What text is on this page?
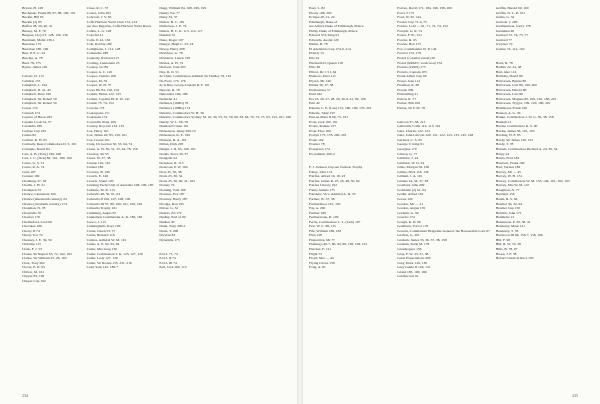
Bryant, H. 128
Buchanan, Frank 86, 97, 98, 100, 101
Buckle, Bill 65
Buckle (2) 85
Buffon 28, 29, 40, 41
Bussey, M. F. 76
Burgess, Lloyd T. 128, 129, 130
Burnham, Malin 130-1
Burrabee 175
Burrabee 180, 190
Burt, P. E. C. 24
Butcher, A. 78
Buzz 78, 175
Byrne, James 195
Calvert, D. 115
Cambria 155
Campbell, C. 194
Campbell, D. 41, 45
Campbell, Peter 190
Campbell, Sir Robert 50
Campbell, Sir Robert 50
Canon 174
Canrash 174
Caprice of Huon 183
Captain Cook 54, 57
Carabella 189
Caribee Cup 165
Carina 82
Carlisle, R. H. 65
Carmody, Rear-Commodore D. S. 101
Carnegie, David 84
Carr, A. B. (Tony) 199, 200
Carr, J. C. (Jack) 82, 161, 169, 199
Carter, G. S. 51
Carter, R. A. 74
Celia 187
Centaur 169
Challenge 37, 56
Challis, J. H. 21
Champion 55
Chance, Lieutenant 106
Chance (nineteenth century) 24
Chance (twentieth century) 174
Chapman, N. 78
Charybdis 70
Chaucer 170
Chelmsford, Lord 60
Cherokee 186
Cherry D 74
Cherry Too 74
Chesney, J. E. 39, 56
Christina 115
Clark, F. J. 53
Clarke, Sir Rupert 65, 72, 162, 165
Clarke, Sir William 25, 26, 163
Clear, Tony 202
Clover, E. R. 65
Clifton, M. 161
Clipper 83, 169
Clipper Cup 192
Close, R. C. 37
Coates, John 202
Cobcroft, J. V. 65
Coffs Harbour Yacht Club 174, 214
see also Regattas, Coffs Harbour Yacht Races
Cohen, L. G. 128
Colorful 41
Colin, P. 42, 136
Cole, Robbie 180
Collighteen, J. 112, 128
Comanche 188
Connolly, Richard 213
Cooling, Lieutenant 23
Cooney, Jac 89
Cooper, A. C. 120
Cooper, Charles 108
Cooper, M. 76
Cooper, W. H. 37
Coors 80, 84, 158, 159
Corbett, Helen 122, 123
Corbett, Captain Dr R. W. 141
Corelle 73, 74, 152
Corrobe 174
Courageous 171
Courtesan 174
Cowardin, Peter 109
Cowley, Roy-Ian 134, 135
Cox, Harry 161
Cox, James 20, 83, 159, 161
Cox, Lionel 161
Craig, Dr Gordon 50, 53, 64, 74
Crane, A. W. 30, 51, 55, 64, 78, 156
Crawley, Sir 55
Creed, W. 37, 38
Cressie 120, 161
Cruiser 186
Crowley, B. 196
Crouch, E. 146
Crouch, Stuart 120
Cruising Yacht Club of Australia 108, 109, 185
Culshaw, M. R. 115
Culwulla 48, 50, 61, 64
Culwulla II 106, 107, 108, 109
Culwulla III 57, 89, 160, 161, 166, 162
Culwulla Trophy 161
Cumming, Angus 65
Cunnamon Commander A. K. 186, 182
Cuoco, J. 115
Cunningham, Kaye 199
Curtis, Owen 53, 57
Curtis, Bernard 116
Cutless, Admiral W. M. 101
Cutler, A. E. 62, 63, 64
Cutter, Mrs Greg 130
Cutler, Commodore J. K. 123, 127, 129
Cutler, Lady 127, 130
Cutler, Sir Roden 133, 231, 216
Cutty Sark 143, 186-7
Dagg, William 84, 168, 169, 199
Dainty Too 77
Daisy 34, 37
Dalton, B. C. 181
Dalderson, J. E. 76
Dalton, B. C. K. 113, 114, 117
Danmar 55
Dane, Roger 197
Dangar, Hugh C. 23, 24
Davey, Harry 208
Davidson, G. 78
Davidson, Laurie 195
Davies, A. H. 74
Davison, Tom 203
Day, R. O. 51
de Chair, Commodore Admiral Sir Dudley 76, 161
De Facto 175, 176
de la Rue, Group-Captain R. F. 101
Deacon, R. 78
Debonaire 196, 198
Defender 41
Defiance (1990s) 76
Defiance (1980s) 174
Deloitte, Commodore W. H. 39
Deloitte, Commodore Sydney M. 16, 30, 53, 55, 59, 60, 63, 64, 70, 74, 75, 93, 153, 161, 166
Dendy, W. L. 66, 78
Diamond Cutter 161
Dickenson, Jenny 209-10
Dickenson, K. E. 199
Dickson, R. A. 161
Dillon, Dick 203
Dingle, J. R. 65, 100, 161
Dodds, Steve 36, 37
Dongella 24
Donohoe, R. 115
Donovan, P. W. 164
Dora 35, 36, 38
Doris 23, 30, 34
Doris 25, 30, 40, 41, 163
Dorney 74
Dorning, Tom 196
Downes, Eve 187
Downey, Harry 187
Drodge, Ron 195
Driver, G. 32
Dubois, Ed 172
Dudley, Earl of 60
Dunbar 30
Dunn, Tony 200-2
Durie, T. 208
Dwyfan 83
Dynamite 175
E.O.I. 71, 74
E.O.I. II 74
E.O.I. III 74
Earl, Jack 109, 115
234
Easy, L. 82
Ebony 198, 202
Eclipse 20, 21, 24
Edinburgh, Duke of
see Alfred, Duke of Edinburgh, Prince
Philip, Duke of Edinburgh, Prince
Edward VII, King 61
Edwards, Austin 120
Elkins, R. 78
El Adelanta's Cup 174-9, 214
Elderly 72
Ella 24
Elizabeth II, Queen 118
Ellis 38
Elliott, Dr J. 51, 64
Elsinore, Peter 111
Elyard, Mr 149
Emma 36, 37, 38
Enchantress 57
Enid 182
Era 25, 26, 27, 28, 29, 30-9, 41, 82, 109
Erin 40
Eshelle, L. E. (Len) 131, 160, 169, 170, 201
Eshelle, 'Skip' 197
Eun-na-Mara II 66, 75, 161
Evan, Jack 190, 191
Evans, Ronnie 157
Evan-Thos 100
Evelyn 175, 178, 200, 201
Event 192
Eventer 78
Evergreen 174
Ex-nominis 200-2
F. J. Jackson Cup see Jackson Trophy
Fahay, John 174
Fairfax, Alfred 16, 18, 23
Fairfax, James R. 25, 26, 48, 50, 64
Fairfax Library 162
Fanny Adams 175
Fanshaw, Vice-Admiral A. D. 35
Farmer, W. 37, 38
Feathermoor 161, 165
Fay, A. 200
Feather 189
Featherstone, R. 100
Ferris, Commodore L. L. (Jack) 167
Few, W. L. 98, 115
Fife, William 189, 183
Finn 138
Fitzpatrick, Mr 77
Flamingo 46-7, 80, 94, 99, 138, 199, 161
Fletcher, F. 141
Flight 73
Floyd, Mrs — 44
Flying Circus 158
Fong, A. 81
Forbes, David 171, 184, 196, 198, 200
Force 5 175
Ford, W. M. 144
Forster Cup 71-4, 75
Forster, Lord — 61, 71, 72, 74, 152
Forsyth, G. R. 74
Foster, F. 81, 151
Fowler, R. 65
Fowler, Bob 175
Fox, Commander W. P. 144
Foxtrot 174, 176
Franci (colonial vessel) 20
Franci (RPAYC work boat) 152
Francis (1990s) 175
Francis, Captain 103
Frank Albert Cup 60
Fraser, Jean 112
Freeman, R. 66
Frozen 206
Fruitsailing 21
Fulton, R. 77
Furber, Bill 109
Furber, Dr F. M. 78
Gaboon 37, 38, 213
Galbraith, Colin 112, 113, 161
Gale, Charles 122, 123
Gale, John Lincoln 120, 121, 122, 123, 133, 145, 148
Garland, C. S. 65
George V, King 61
Georgina 170
Gibson, G. 77
Gilchrist, J. 24
Gilchrist, W. O. 24
Giles, Morgan 56, 160
Gillies, Dick 118, 139
Gilliam, J. A. 161
Gionne 24, 34, 37, 38
Goddard, John 209
Goldstein (2) 61, 64
Gollin, Alfred 162
Goose 120
Gordon, Mr — 21
Gordon, Angus 176
Gorham, G. 99
Goucho 174
Gough, R. D. 66
Goulburn, Trevor 170
Govern, Commander Brigadier-General, the Honourable Lord 67
Grafton, G. 201
Graham, James 35, 36, 37, 38, 158
Graham, Katie M. 178
Grasshopper 156
Gray, F. W. 33, 37, 38
Great Expectations 200
Greg Tudor 129, 130
Grey Guide II 129, 131
Grand 183, 190, 199
Gridlewood 61
Griffin, Harold 60, 160
Griffin, N. L. R. 161
Grims, G. 32
Grelock, J. 200
Gudmensson, Garry 178
Gunnmen 40
Gurnard 72, 74, 75, 77
Gurnard 77
Gwydon 70
Gymea 74, 112, 162
Hack, R. 78
Hadder 22, 24, 38
Hail, Alec 114
Halliday, David 80
Halvorsen, Bjarne 80
Halvorsen, Carl 80, 199, 200
Halvorsen, Harold 80
Halvorsen, Lars 80
Halvorsen, Magnus 80, 109, 120, 186, 201
Halvorsen, Trygve, 109, 120, 180, 201
Hammond, Frank 196
Hanson, A. G. 36
Hanke, Commodore J. W. G. 36, 38, 158
Hannah 21
Hardie, Commodore R. S. 40
Hardie, James 36, 101, 103
Harding, H. F. 65
Hardy, Sir James 120, 191
Hardy, T. 78
Harnett, Commodore Richard A. 24, 36, 54
Harpy 24
Harris, Fred 184
Harrison, Frank 199
Hart, Vernon 189
Harvey, Mr — 45
Harvey, W. H. 131
Harvey, Commodore W. M. 133, 146, 161, 162, 165
Harvey, Mrs W. M. 147
Haughton, N. 77
Hawkins 156
Heath, R. S. 66
Heather 30, 32, 64
Heather Cup 150
Hebden, John 171
Hemholtz 12
Henderson, P. 29, 38, 41
Hennessy, Mark 121
Hennessy, T. 78
Henwood III 96, 156-7, 158, 196
Hill, F. 98
Hill, R. W. 33, 38
Hills, B. 78, 97
Hoare, J. F. 38
Hobart Classical Race 195
235
